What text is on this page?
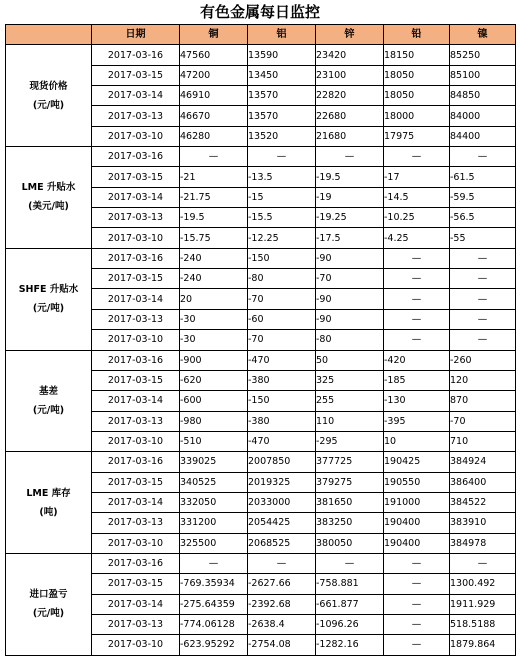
有色金属每日监控
	日期	铜	铝	锌	铅	镍

现货价格
(元/吨)	2017-03-16	47560	13590	23420	18150	85250
	2017-03-15	47200	13450	23100	18050	85100
	2017-03-14	46910	13570	22820	18050	84850
	2017-03-13	46670	13570	22680	18000	84000
	2017-03-10	46280	13520	21680	17975	84400

LME 升贴水
(美元/吨)	2017-03-16	—	—	—	—	—
	2017-03-15	-21	-13.5	-19.5	-17	-61.5
	2017-03-14	-21.75	-15	-19	-14.5	-59.5
	2017-03-13	-19.5	-15.5	-19.25	-10.25	-56.5
	2017-03-10	-15.75	-12.25	-17.5	-4.25	-55

SHFE 升贴水
(元/吨)	2017-03-16	-240	-150	-90	—	—
	2017-03-15	-240	-80	-70	—	—
	2017-03-14	20	-70	-90	—	—
	2017-03-13	-30	-60	-90	—	—
	2017-03-10	-30	-70	-80	—	—

基差
(元/吨)	2017-03-16	-900	-470	50	-420	-260
	2017-03-15	-620	-380	325	-185	120
	2017-03-14	-600	-150	255	-130	870
	2017-03-13	-980	-380	110	-395	-70
	2017-03-10	-510	-470	-295	10	710

LME 库存
(吨)	2017-03-16	339025	2007850	377725	190425	384924
	2017-03-15	340525	2019325	379275	190550	386400
	2017-03-14	332050	2033000	381650	191000	384522
	2017-03-13	331200	2054425	383250	190400	383910
	2017-03-10	325500	2068525	380050	190400	384978

进口盈亏
(元/吨)	2017-03-16	—	—	—	—	—
	2017-03-15	-769.35934	-2627.66	-758.881	—	1300.492
	2017-03-14	-275.64359	-2392.68	-661.877	—	1911.929
	2017-03-13	-774.06128	-2638.4	-1096.26	—	518.5188
	2017-03-10	-623.95292	-2754.08	-1282.16	—	1879.864
